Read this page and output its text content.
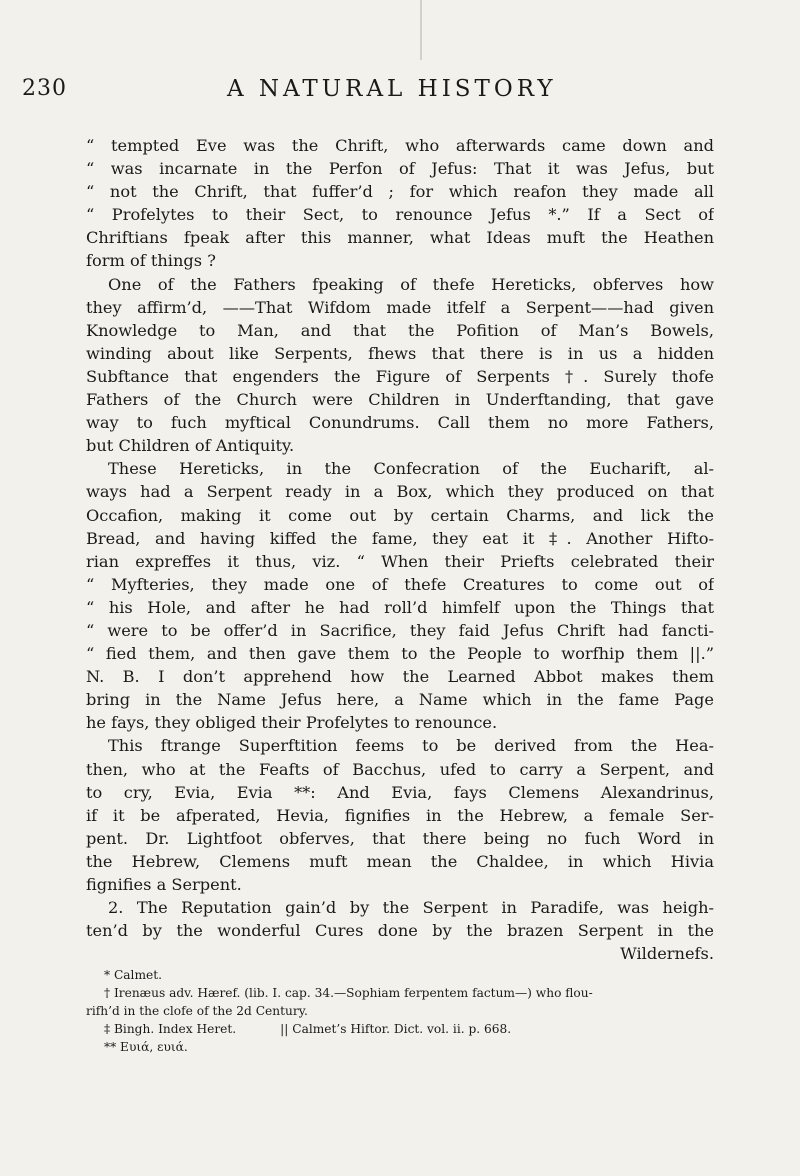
230	A NATURAL HISTORY
“ tempted Eve was the Chrift, who afterwards came down and
“ was incarnate in the Perfon of Jefus: That it was Jefus, but
“ not the Chrift, that fuffer’d ; for which reafon they made all
“ Profelytes to their Sect, to renounce Jefus *.” If a Sect of
Chriftians fpeak after this manner, what Ideas muft the Heathen
form of things ?
One of the Fathers fpeaking of thefe Hereticks, obferves how
they affirm’d, ——That Wifdom made itfelf a Serpent——had given
Knowledge to Man, and that the Pofition of Man’s Bowels,
winding about like Serpents, fhews that there is in us a hidden
Subftance that engenders the Figure of Serpents †. Surely thofe
Fathers of the Church were Children in Underftanding, that gave
way to fuch myftical Conundrums. Call them no more Fathers,
but Children of Antiquity.
These Hereticks, in the Confecration of the Eucharift, al-
ways had a Serpent ready in a Box, which they produced on that
Occafion, making it come out by certain Charms, and lick the
Bread, and having kiffed the fame, they eat it ‡. Another Hifto-
rian expreffes it thus, viz. “ When their Priefts celebrated their
“ Myfteries, they made one of thefe Creatures to come out of
“ his Hole, and after he had roll’d himfelf upon the Things that
“ were to be offer’d in Sacrifice, they faid Jefus Chrift had fancti-
“ fied them, and then gave them to the People to worfhip them ||.”
N. B. I don’t apprehend how the Learned Abbot makes them
bring in the Name Jefus here, a Name which in the fame Page
he fays, they obliged their Profelytes to renounce.
This ftrange Superftition feems to be derived from the Hea-
then, who at the Feafts of Bacchus, ufed to carry a Serpent, and
to cry, Evia, Evia **: And Evia, fays Clemens Alexandrinus,
if it be afperated, Hevia, fignifies in the Hebrew, a female Ser-
pent. Dr. Lightfoot obferves, that there being no fuch Word in
the Hebrew, Clemens muft mean the Chaldee, in which Hivia
fignifies a Serpent.
2. The Reputation gain’d by the Serpent in Paradife, was heigh-
ten’d by the wonderful Cures done by the brazen Serpent in the
Wildernefs.
* Calmet.
† Irenæus adv. Hæref. (lib. I. cap. 34.—Sophiam ferpentem factum—) who flou-
rifh’d in the clofe of the 2d Century.
‡ Bingh. Index Heret.	|| Calmet’s Hiftor. Dict. vol. ii. p. 668.
** Ευιά, ευιά.
